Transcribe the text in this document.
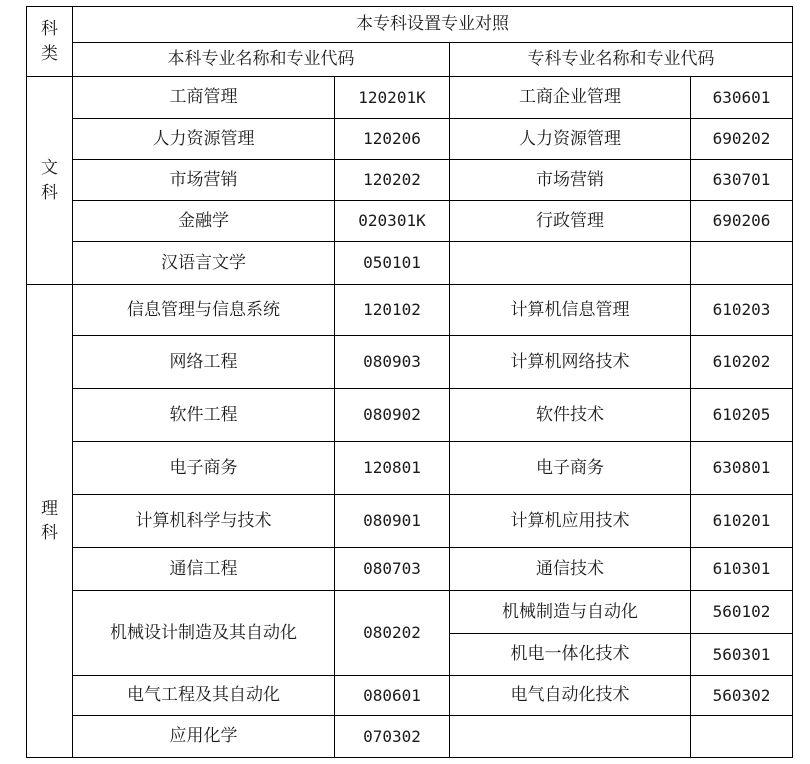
科
类	本专科设置专业对照			
	本科专业名称和专业代码		专科专业名称和专业代码	

文
科	工商管理	120201K	工商企业管理	630601
	人力资源管理	120206	人力资源管理	690202
	市场营销	120202	市场营销	630701
	金融学	020301K	行政管理	690206
	汉语言文学	050101		

理
科	信息管理与信息系统	120102	计算机信息管理	610203
	网络工程	080903	计算机网络技术	610202
	软件工程	080902	软件技术	610205
	电子商务	120801	电子商务	630801
	计算机科学与技术	080901	计算机应用技术	610201
	通信工程	080703	通信技术	610301
	机械设计制造及其自动化	080202	机械制造与自动化	560102
			机电一体化技术	560301
	电气工程及其自动化	080601	电气自动化技术	560302
	应用化学	070302		
